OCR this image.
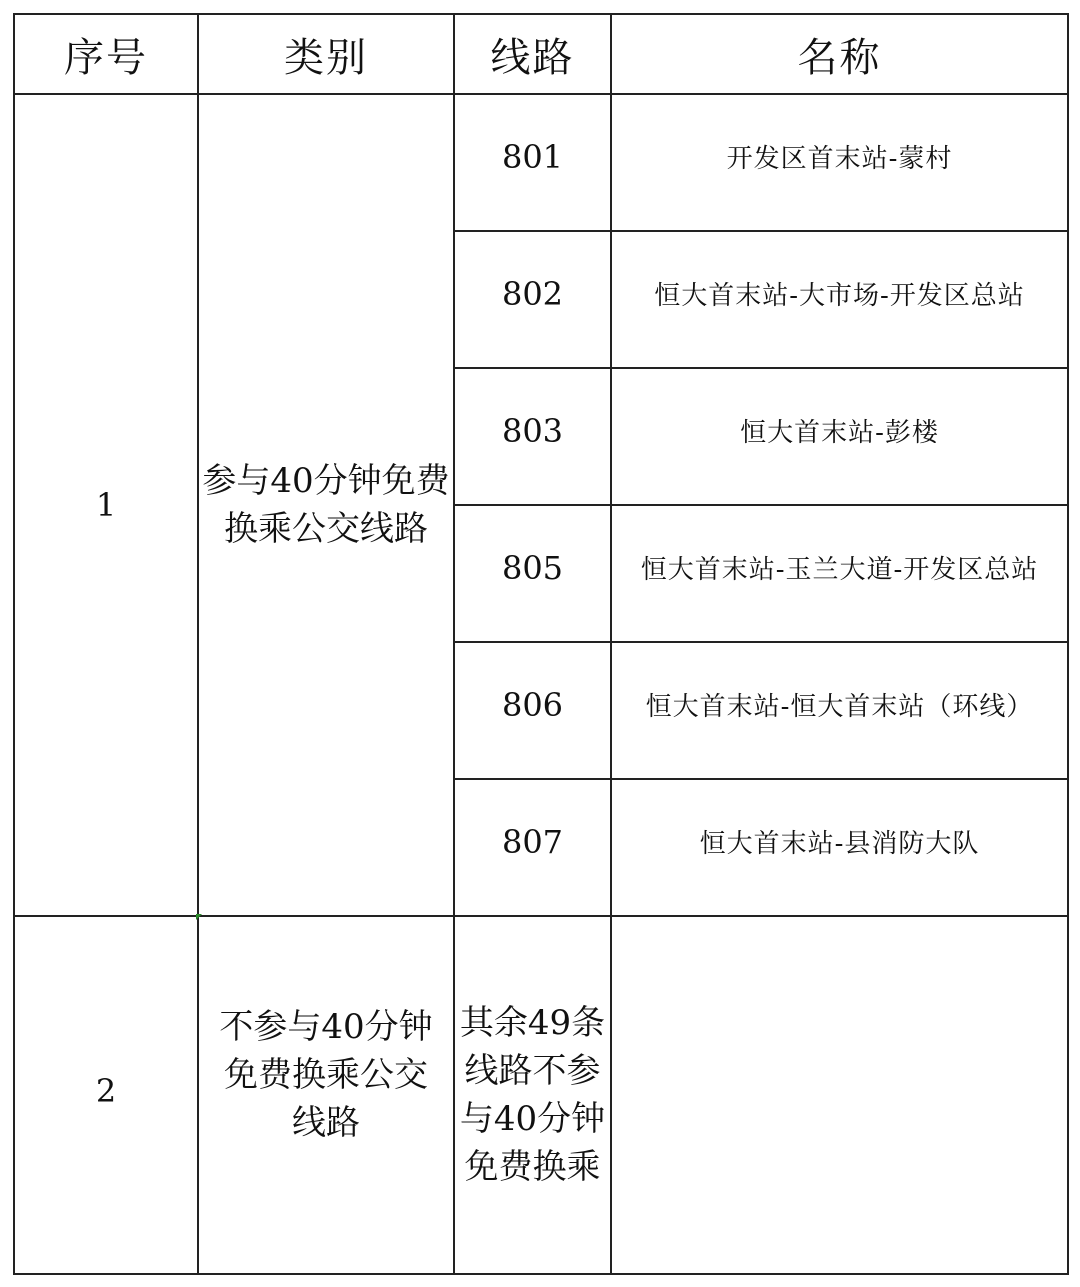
序号	类别	线路	名称
1	参与40分钟免费换乘公交线路	801	开发区首末站-蒙村
		802	恒大首末站-大市场-开发区总站
		803	恒大首末站-彭楼
		805	恒大首末站-玉兰大道-开发区总站
		806	恒大首末站-恒大首末站（环线）
		807	恒大首末站-县消防大队
2	不参与40分钟免费换乘公交线路	其余49条线路不参与40分钟免费换乘	
